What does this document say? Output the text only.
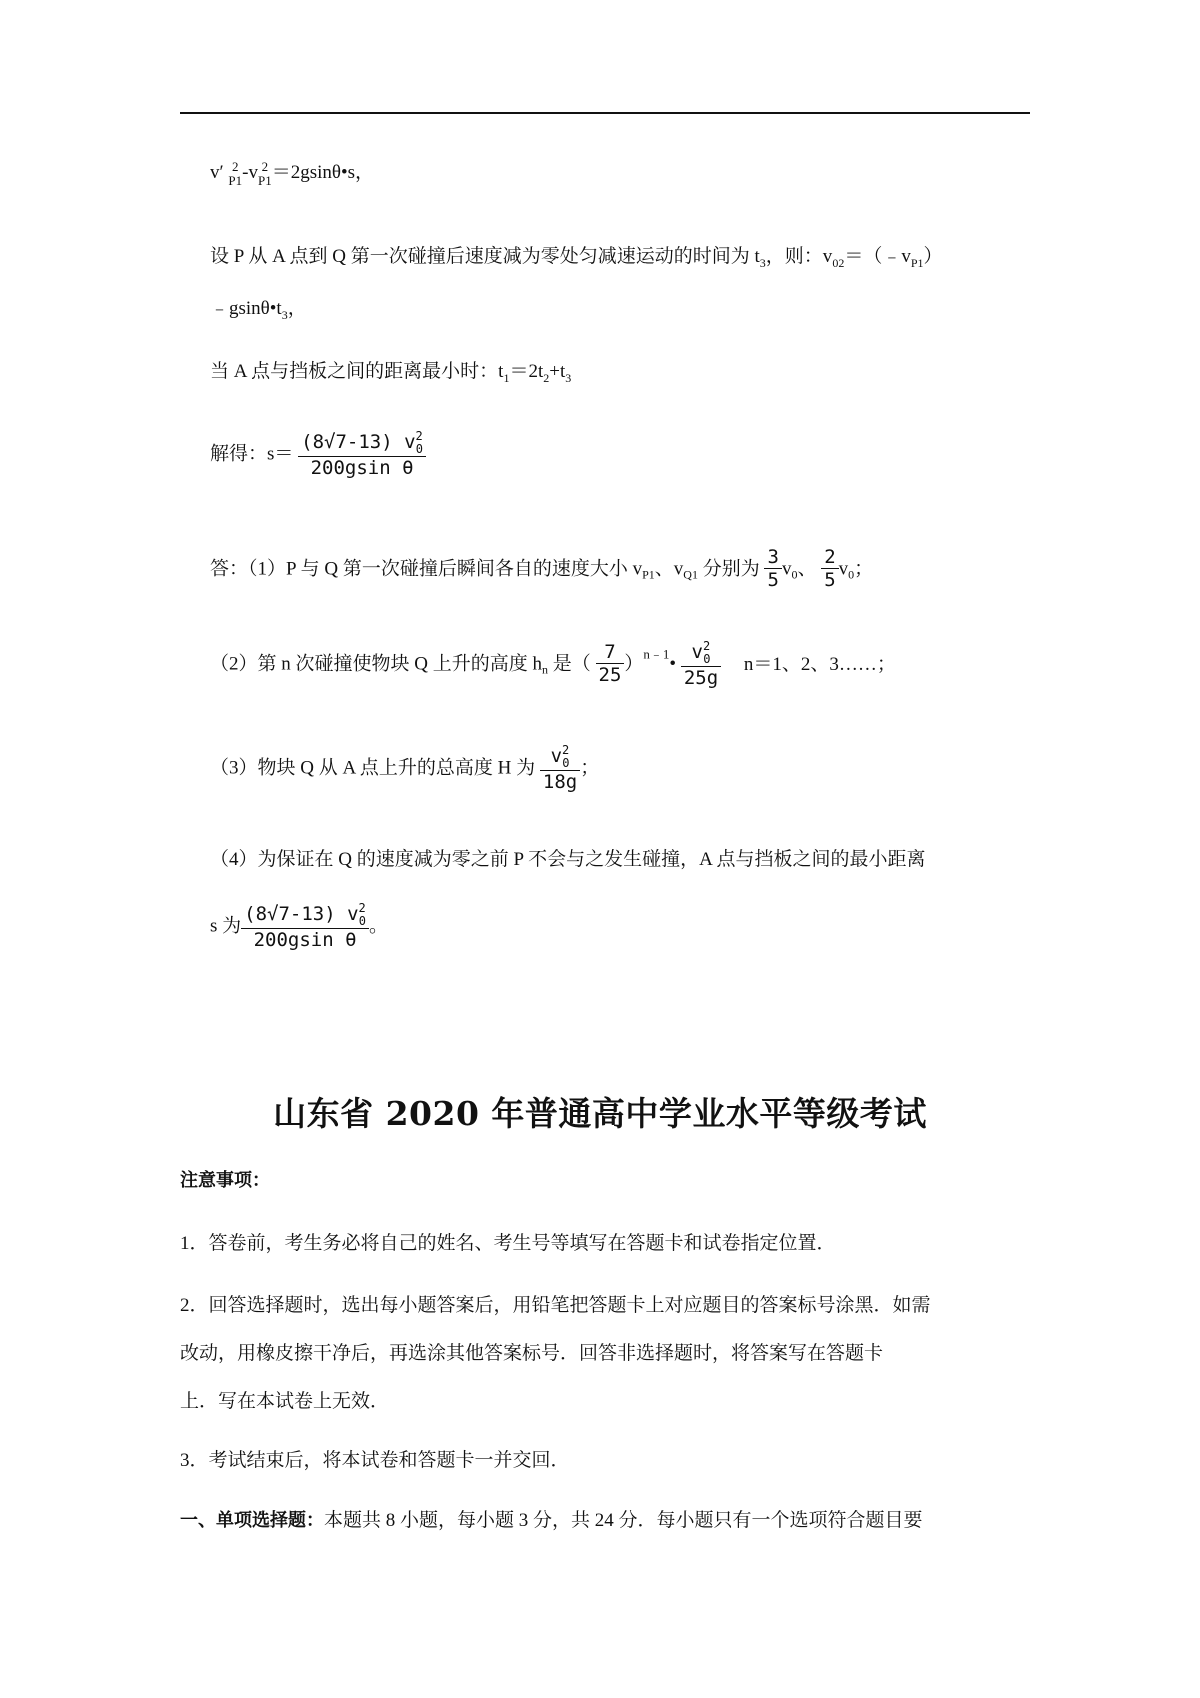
v′ 2
P1 -v 2
P1 ＝2gsinθ•s，
设 P 从 A 点到 Q 第一次碰撞后速度减为零处匀减速运动的时间为 $t_3$，则：$v_{02}=(﹣v_{P1})$
$﹣gsin\theta•t_3$，
当 A 点与挡板之间的距离最小时：$t_1=2t_2+t_3$
解得：$s= \frac{(8√7-13) v^2_0}{\text{200gsin θ}}$
答：（1）P 与 Q 第一次碰撞后瞬间各自的速度大小 $v_{P1}$、$v_{Q1}$ 分别为 $\frac{3}{5} v_0$、 $\frac{2}{5} v_0$；
（2）第 n 次碰撞使物块 Q 上升的高度 $h_n$ 是（ $\frac{7}{25}$ ）$^{n﹣1}$• $\frac{v^2_0}{25g} n=1$、2、3……；
（3）物块 Q 从 A 点上升的总高度 H 为 $\frac{v^2_0}{18g}$ ；
（4）为保证在 Q 的速度减为零之前 P 不会与之发生碰撞，A 点与挡板之间的最小距离
s 为 $\frac{(8√7-13) v^2_0}{\text{200gsin θ}}$ 。
山东省 2020 年普通高中学业水平等级考试
注意事项：
1．答卷前，考生务必将自己的姓名、考生号等填写在答题卡和试卷指定位置．
2．回答选择题时，选出每小题答案后，用铅笔把答题卡上对应题目的答案标号涂黑．如需
改动，用橡皮擦干净后，再选涂其他答案标号．回答非选择题时，将答案写在答题卡
上．写在本试卷上无效．
3．考试结束后，将本试卷和答题卡一并交回．
一、单项选择题：本题共 8 小题，每小题 3 分，共 24 分．每小题只有一个选项符合题目要
